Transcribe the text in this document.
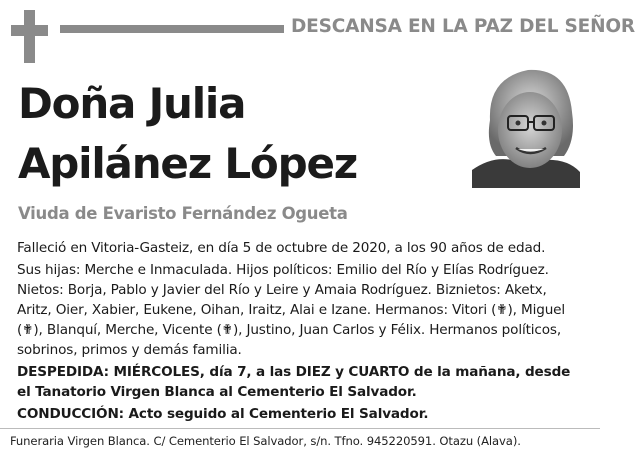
DESCANSA EN LA PAZ DEL SEÑOR
Doña Julia
Apilánez López
Viuda de Evaristo Fernández Ogueta

Falleció en Vitoria-Gasteiz, en día 5 de octubre de 2020, a los 90 años de edad.

Sus hijas: Merche e Inmaculada. Hijos políticos: Emilio del Río y Elías Rodríguez. Nietos: Borja, Pablo y Javier del Río y Leire y Amaia Rodríguez. Biznietos: Aketx, Aritz, Oier, Xabier, Eukene, Oihan, Iraitz, Alai e Izane. Hermanos: Vitori (✟), Miguel (✟), Blanquí, Merche, Vicente (✟), Justino, Juan Carlos y Félix. Hermanos políticos, sobrinos, primos y demás familia.

DESPEDIDA: MIÉRCOLES, día 7, a las DIEZ y CUARTO de la mañana, desde el Tanatorio Virgen Blanca al Cementerio El Salvador.

CONDUCCIÓN: Acto seguido al Cementerio El Salvador.

Funeraria Virgen Blanca. C/ Cementerio El Salvador, s/n. Tfno. 945220591. Otazu (Alava).
